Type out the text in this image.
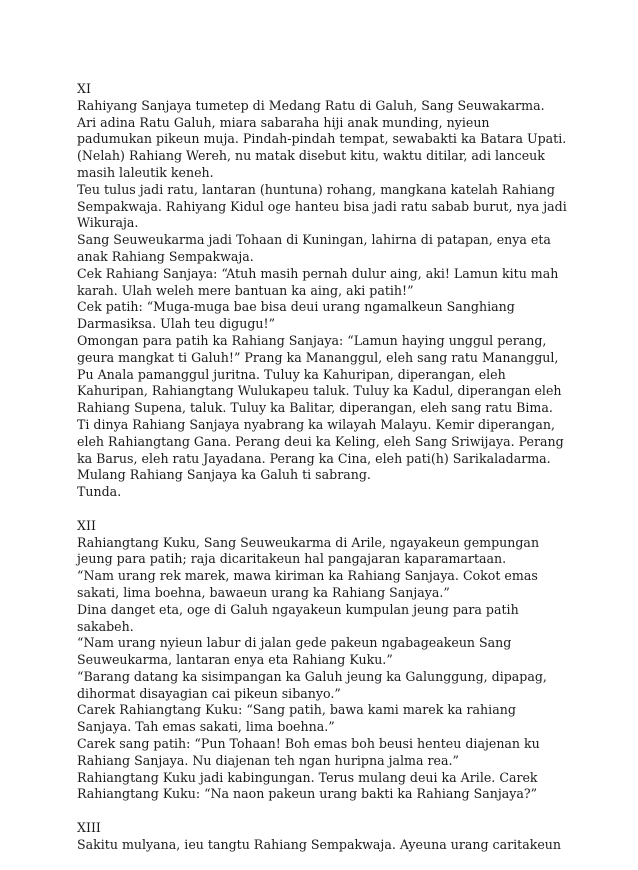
XI

Rahiyang Sanjaya tumetep di Medang Ratu di Galuh, Sang Seuwakarma.

Ari adina Ratu Galuh, miara sabaraha hiji anak munding, nyieun padumukan pikeun muja. Pindah-pindah tempat, sewabakti ka Batara Upati.

(Nelah) Rahiang Wereh, nu matak disebut kitu, waktu ditilar, adi lanceuk masih laleutik keneh.

Teu tulus jadi ratu, lantaran (huntuna) rohang, mangkana katelah Rahiang Sempakwaja. Rahiyang Kidul oge hanteu bisa jadi ratu sabab burut, nya jadi Wikuraja.

Sang Seuweukarma jadi Tohaan di Kuningan, lahirna di patapan, enya eta anak Rahiang Sempakwaja.

Cek Rahiang Sanjaya: “Atuh masih pernah dulur aing, aki! Lamun kitu mah karah. Ulah weleh mere bantuan ka aing, aki patih!”

Cek patih: “Muga-muga bae bisa deui urang ngamalkeun Sanghiang Darmasiksa. Ulah teu digugu!”

Omongan para patih ka Rahiang Sanjaya: “Lamun haying unggul perang, geura mangkat ti Galuh!” Prang ka Mananggul, eleh sang ratu Mananggul, Pu Anala pamanggul juritna. Tuluy ka Kahuripan, diperangan, eleh Kahuripan, Rahiangtang Wulukapeu taluk. Tuluy ka Kadul, diperangan eleh Rahiang Supena, taluk. Tuluy ka Balitar, diperangan, eleh sang ratu Bima.

Ti dinya Rahiang Sanjaya nyabrang ka wilayah Malayu. Kemir diperangan, eleh Rahiangtang Gana. Perang deui ka Keling, eleh Sang Sriwijaya. Perang ka Barus, eleh ratu Jayadana. Perang ka Cina, eleh pati(h) Sarikaladarma.

Mulang Rahiang Sanjaya ka Galuh ti sabrang.

Tunda.

XII

Rahiangtang Kuku, Sang Seuweukarma di Arile, ngayakeun gempungan jeung para patih; raja dicaritakeun hal pangajaran kaparamartaan.

“Nam urang rek marek, mawa kiriman ka Rahiang Sanjaya. Cokot emas sakati, lima boehna, bawaeun urang ka Rahiang Sanjaya.”

Dina danget eta, oge di Galuh ngayakeun kumpulan jeung para patih sakabeh.

“Nam urang nyieun labur di jalan gede pakeun ngabageakeun Sang Seuweukarma, lantaran enya eta Rahiang Kuku.”

“Barang datang ka sisimpangan ka Galuh jeung ka Galunggung, dipapag, dihormat disayagian cai pikeun sibanyo.”

Carek Rahiangtang Kuku: “Sang patih, bawa kami marek ka rahiang Sanjaya. Tah emas sakati, lima boehna.”

Carek sang patih: “Pun Tohaan! Boh emas boh beusi henteu diajenan ku Rahiang Sanjaya. Nu diajenan teh ngan huripna jalma rea.”

Rahiangtang Kuku jadi kabingungan. Terus mulang deui ka Arile. Carek Rahiangtang Kuku: “Na naon pakeun urang bakti ka Rahiang Sanjaya?”

XIII

Sakitu mulyana, ieu tangtu Rahiang Sempakwaja. Ayeuna urang caritakeun
